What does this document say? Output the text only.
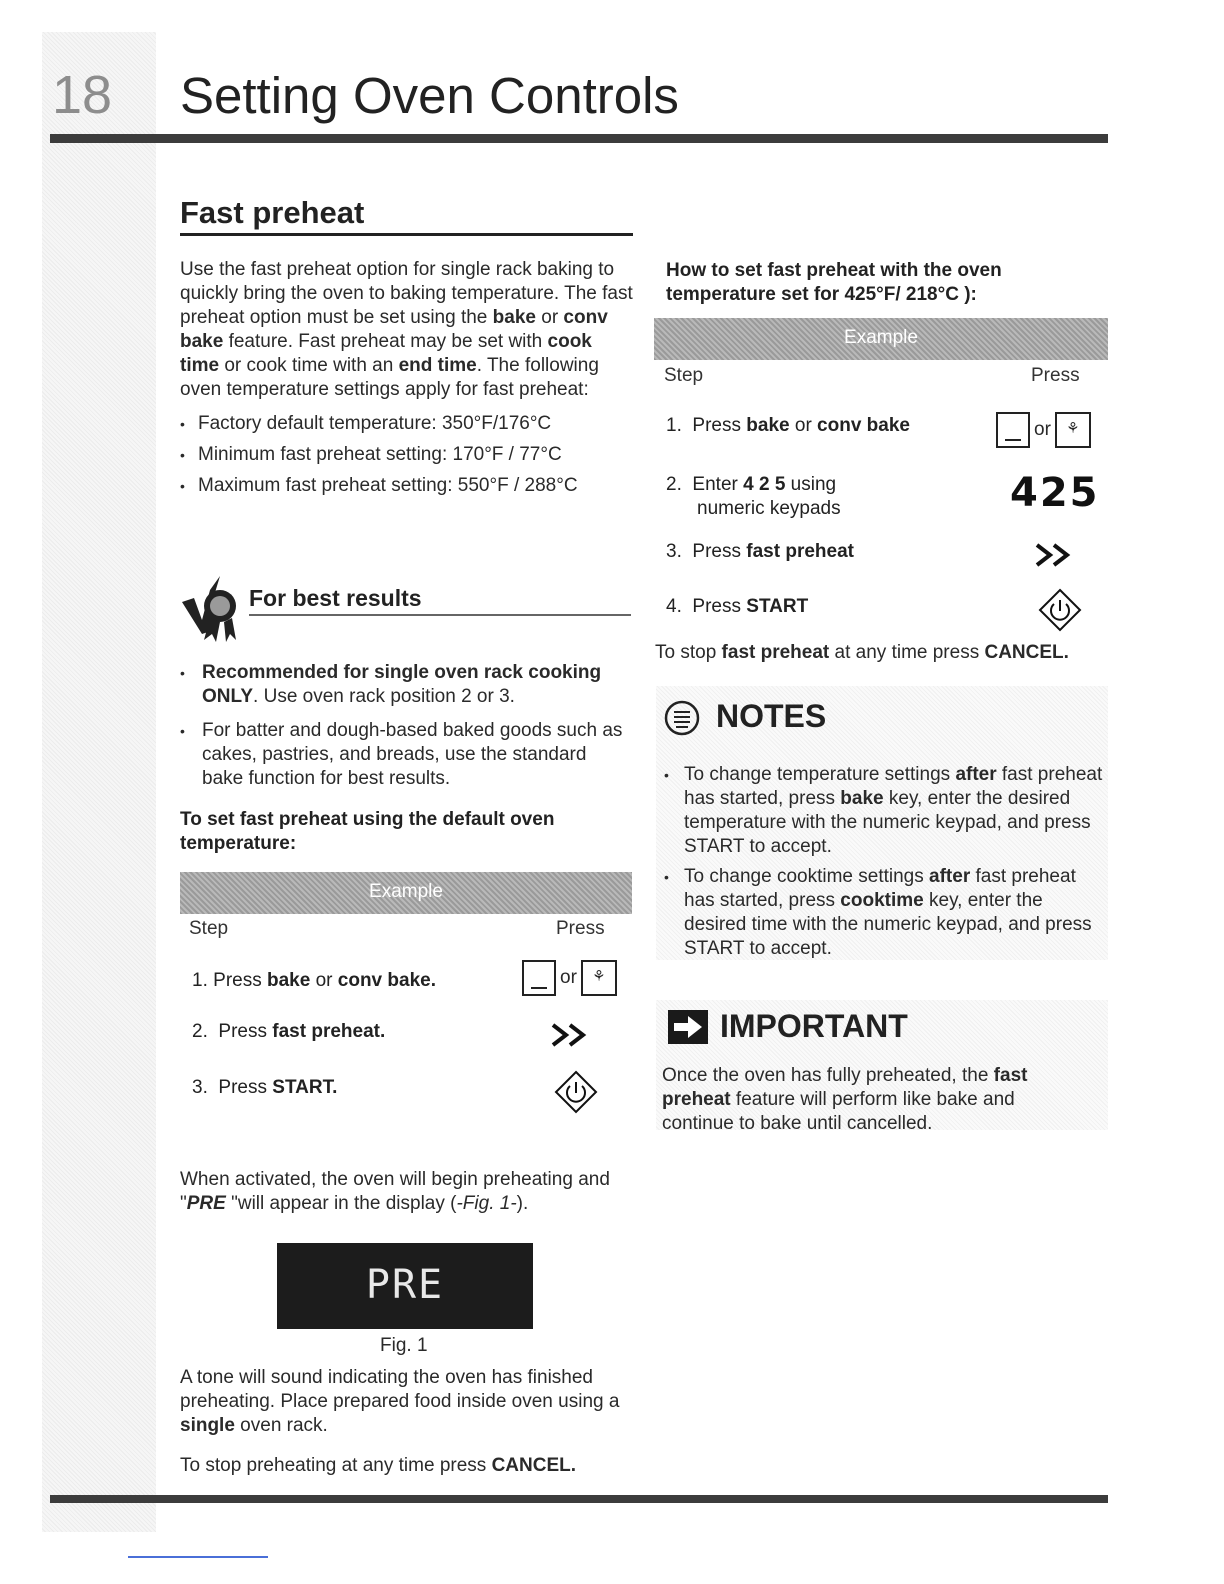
18 Setting Oven Controls
Fast preheat

Use the fast preheat option for single rack baking to quickly bring the oven to baking temperature. The fast preheat option must be set using the bake or conv bake feature. Fast preheat may be set with cook time or cook time with an end time. The following oven temperature settings apply for fast preheat:

• Factory default temperature: 350°F/176°C
• Minimum fast preheat setting: 170°F / 77°C
• Maximum fast preheat setting: 550°F / 288°C
For best results
• Recommended for single oven rack cooking ONLY. Use oven rack position 2 or 3.
• For batter and dough-based baked goods such as cakes, pastries, and breads, use the standard bake function for best results.
To set fast preheat using the default oven temperature:
Example
Step	Press
1. Press bake or conv bake.	or ⚘
2. Press fast preheat.
3. Press START.
When activated, the oven will begin preheating and "PRE "will appear in the display (-Fig. 1-).
PRE
Fig. 1
A tone will sound indicating the oven has finished preheating. Place prepared food inside oven using a single oven rack.
To stop preheating at any time press CANCEL.
How to set fast preheat with the oven temperature set for 425°F/ 218°C ):
Example
Step	Press
1. Press bake or conv bake	or ⚘
2. Enter 4 2 5 using
numeric keypads	425
3. Press fast preheat
4. Press START
To stop fast preheat at any time press CANCEL.
NOTES
• To change temperature settings after fast preheat has started, press bake key, enter the desired temperature with the numeric keypad, and press START to accept.
• To change cooktime settings after fast preheat has started, press cooktime key, enter the desired time with the numeric keypad, and press START to accept.
IMPORTANT
Once the oven has fully preheated, the fast preheat feature will perform like bake and continue to bake until cancelled.
